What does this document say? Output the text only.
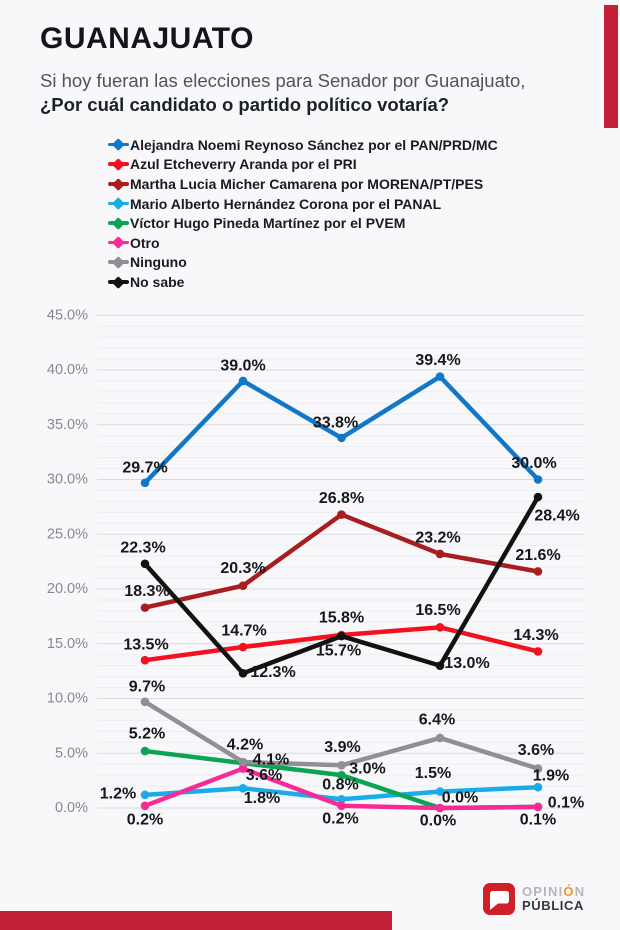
GUANAJUATO

Si hoy fueran las elecciones para Senador por Guanajuato,

¿Por cuál candidato o partido político votaría?

Alejandra Noemi Reynoso Sánchez por el PAN/PRD/MC
Azul Etcheverry Aranda por el PRI
Martha Lucia Micher Camarena por MORENA/PT/PES
Mario Alberto Hernández Corona por el PANAL
Víctor Hugo Pineda Martínez por el PVEM
Otro
Ninguno
No sabe
0.0%
5.0%
10.0%
15.0%
20.0%
25.0%
30.0%
35.0%
40.0%
45.0%
29.7%
39.0%
33.8%
39.4%
30.0%
13.5%
14.7%
15.8%	16.5%
14.3%
18.3%
20.3%
26.8%
23.2%
21.6%
1.2%	1.8%
0.8%
1.5%	1.9%
5.2%
4.1%
3.0%
0.0%
0.1%
0.2%
3.6%
0.2%	0.0%
0.1%
9.7%
4.2%	3.9%
6.4%
3.6%
22.3%
12.3%
15.7%
13.0%
28.4%
OPINIÓN
PÚBLICA
